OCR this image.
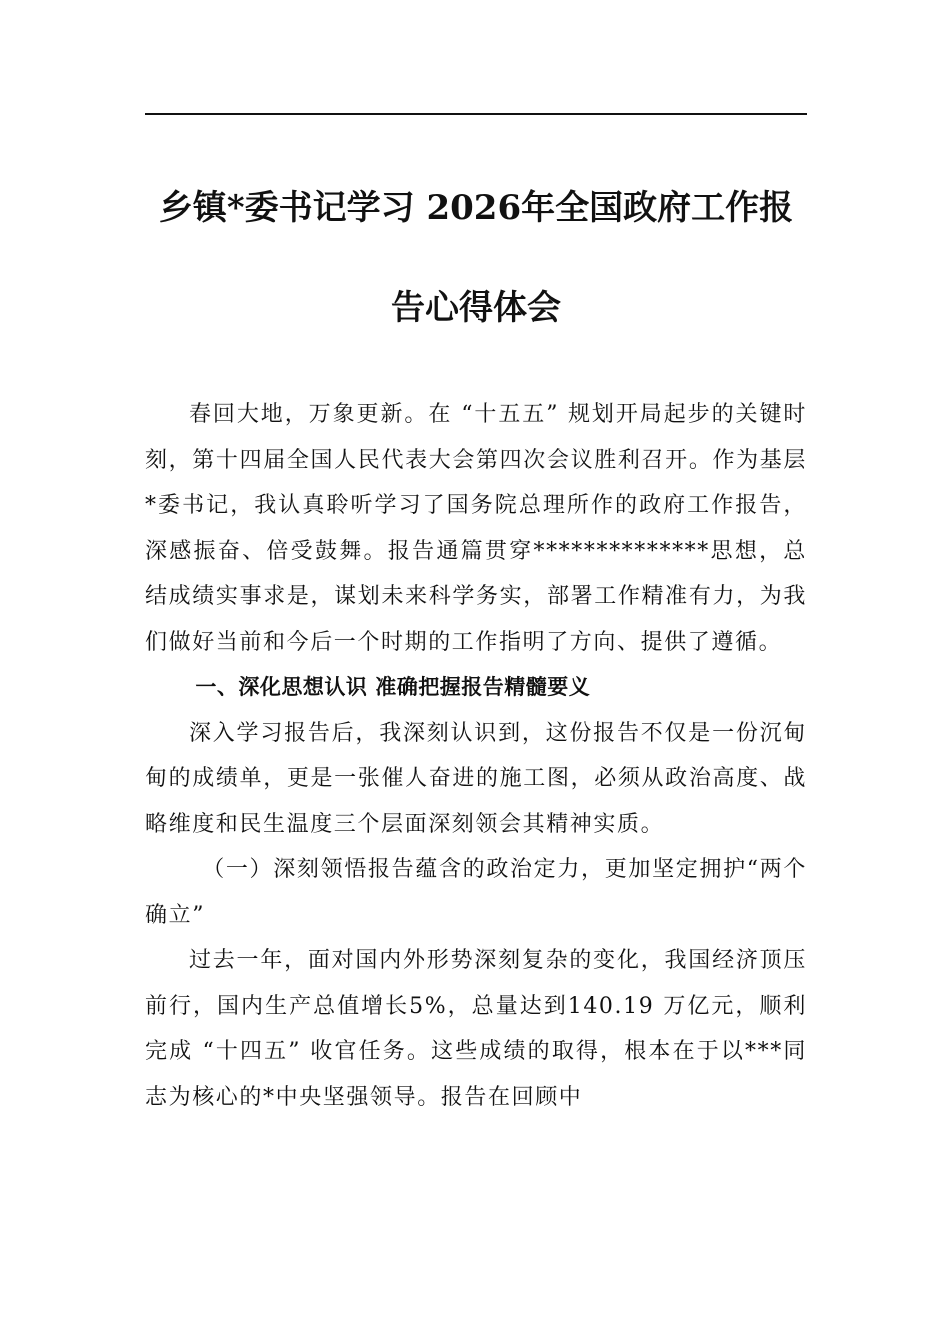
乡镇*委书记学习 2026年全国政府工作报
告心得体会

春回大地，万象更新。在 “十五五” 规划开局起步的关键时刻，第十四届全国人民代表大会第四次会议胜利召开。作为基层*委书记，我认真聆听学习了国务院总理所作的政府工作报告，深感振奋、倍受鼓舞。报告通篇贯穿**************思想，总结成绩实事求是，谋划未来科学务实，部署工作精准有力，为我们做好当前和今后一个时期的工作指明了方向、提供了遵循。

一、深化思想认识 准确把握报告精髓要义

深入学习报告后，我深刻认识到，这份报告不仅是一份沉甸甸的成绩单，更是一张催人奋进的施工图，必须从政治高度、战略维度和民生温度三个层面深刻领会其精神实质。

（一）深刻领悟报告蕴含的政治定力，更加坚定拥护“两个确立”

过去一年，面对国内外形势深刻复杂的变化，我国经济顶压前行，国内生产总值增长5%，总量达到140.19 万亿元，顺利完成 “十四五” 收官任务。这些成绩的取得，根本在于以***同志为核心的*中央坚强领导。报告在回顾中
